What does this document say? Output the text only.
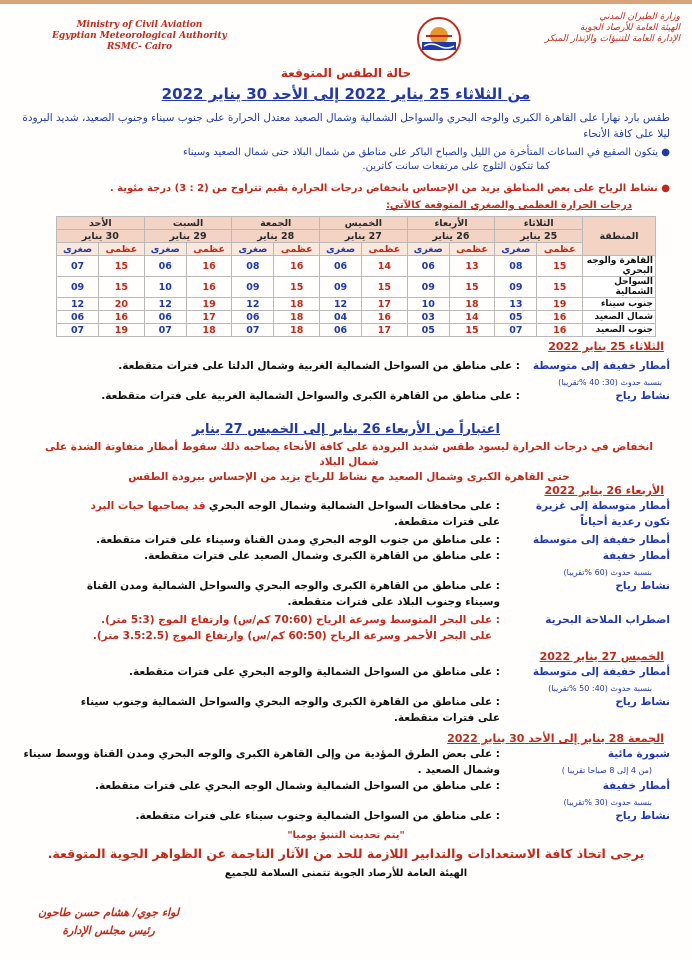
وزارة الطيران المدني
الهيئة العامة للأرصاد الجوية
الإدارة العامة للتنبؤات والإنذار المبكر
Ministry of Civil Aviation
Egyptian Meteorological Authority
RSMC- Cairo
حالة الطقس المتوقعة
من الثلاثاء 25 يناير 2022 إلى الأحد 30 يناير 2022
طقس بارد نهارا على القاهرة الكبرى والوجه البحري والسواحل الشمالية وشمال الصعيد معتدل الحرارة على جنوب سيناء وجنوب الصعيد، شديد البرودة ليلا على كافة الأنحاء
● يتكون الصقيع في الساعات المتأخرة من الليل والصباح الباكر على مناطق من شمال البلاد حتى شمال الصعيد وسيناء
كما تتكون الثلوج على مرتفعات سانت كاترين.
● نشاط الرياح على بعض المناطق يزيد من الإحساس بانخفاض درجات الحرارة بقيم تتراوح من (2 : 3) درجة مئوية .
درجات الحرارة العظمى والصغرى المتوقعة كالآتي:
المنطقة	الثلاثاء		الأربعاء		الخميس		الجمعة		السبت		الأحد	
	25 يناير		26 يناير		27 يناير		28 يناير		29 يناير		30 يناير	
	عظمى	صغرى	عظمى	صغرى	عظمى	صغرى	عظمى	صغرى	عظمى	صغرى	عظمى	صغرى
القاهرة والوجه البحري	15	08	13	06	14	06	16	08	16	06	15	07
السواحل الشمالية	15	09	15	09	15	09	15	09	16	10	15	09
جنوب سيناء	19	13	18	10	17	12	18	12	19	12	20	12
شمال الصعيد	16	05	14	03	16	04	18	06	17	06	16	06
جنوب الصعيد	16	07	15	05	17	06	18	07	18	07	19	07
الثلاثاء 25 يناير 2022
أمطار خفيفة إلى متوسطة: على مناطق من السواحل الشمالية الغربية وشمال الدلتا على فترات متقطعة.
بنسبة حدوث (30: 40 %تقريبا)
نشاط رياح: على مناطق من القاهرة الكبرى والسواحل الشمالية الغربية على فترات متقطعة.
اعتباراً من الأربعاء 26 يناير إلى الخميس 27 يناير
انخفاض في درجات الحرارة ليسود طقس شديد البرودة على كافة الأنحاء يصاحبه ذلك سقوط أمطار متفاوتة الشدة على شمال البلاد
حتى القاهرة الكبرى وشمال الصعيد مع نشاط للرياح يزيد من الإحساس ببرودة الطقس
الأربعاء 26 يناير 2022
أمطار متوسطة إلى غزيرة: على محافظات السواحل الشمالية وشمال الوجه البحري قد يصاحبها حبات البرد
تكون رعدية أحياناًعلى فترات متقطعة.
أمطار خفيفة إلى متوسطة: على مناطق من جنوب الوجه البحري ومدن القناة وسيناء على فترات متقطعة.
أمطار خفيفة: على مناطق من القاهرة الكبرى وشمال الصعيد على فترات متقطعة.
بنسبة حدوث (60 %تقريبا)
نشاط رياح: على مناطق من القاهرة الكبرى والوجه البحري والسواحل الشمالية ومدن القناة
وسيناء وجنوب البلاد على فترات متقطعة.
اضطراب الملاحة البحرية: على البحر المتوسط وسرعة الرياح (70:60 كم/س) وارتفاع الموج (5:3 متر).
على البحر الأحمر وسرعة الرياح (60:50 كم/س) وارتفاع الموج (3.5:2.5 متر).
الخميس 27 يناير 2022
أمطار خفيفة إلى متوسطة: على مناطق من السواحل الشمالية والوجه البحري على فترات متقطعة.
بنسبة حدوث (40: 50 %تقريبا)
نشاط رياح: على مناطق من القاهرة الكبرى والوجه البحري والسواحل الشمالية وجنوب سيناء
على فترات متقطعة.
الجمعة 28 يناير إلى الأحد 30 يناير 2022
شبورة مائية: على بعض الطرق المؤدية من وإلى القاهرة الكبرى والوجه البحري ومدن القناة ووسط سيناء
(من 4 إلى 8 صباحا تقريبا )
وشمال الصعيد .
أمطار خفيفة: على مناطق من السواحل الشمالية وشمال الوجه البحري على فترات متقطعة.
بنسبة حدوث (30 %تقريبا)
نشاط رياح: على مناطق من السواحل الشمالية وجنوب سيناء على فترات متقطعة.
"يتم تحديث التنبؤ يوميا"
يرجى اتخاذ كافة الاستعدادات والتدابير اللازمة للحد من الآثار الناجمة عن الظواهر الجوية المتوقعة.
الهيئة العامة للأرصاد الجوية تتمنى السلامة للجميع
لواء جوي/ هشام حسن طاحون
رئيس مجلس الإدارة
